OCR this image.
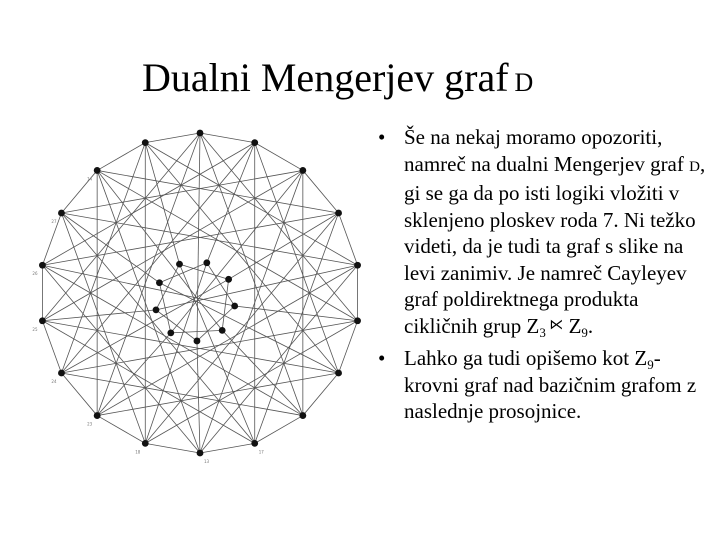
Dualni Mengerjev graf D
25
26
27
13
17
18
23
24
14
• Še na nekaj moramo opozoriti, namreč na dualni Mengerjev graf D, gi se ga da po isti logiki vložiti v sklenjeno ploskev roda 7. Ni težko videti, da je tudi ta graf s slike na levi zanimiv. Je namreč Cayleyev graf poldirektnega produkta cikličnih grup $Z_3$ ⋉ $Z_9$.
• Lahko ga tudi opišemo kot $Z_9$-krovni graf nad bazičnim grafom z naslednje prosojnice.
